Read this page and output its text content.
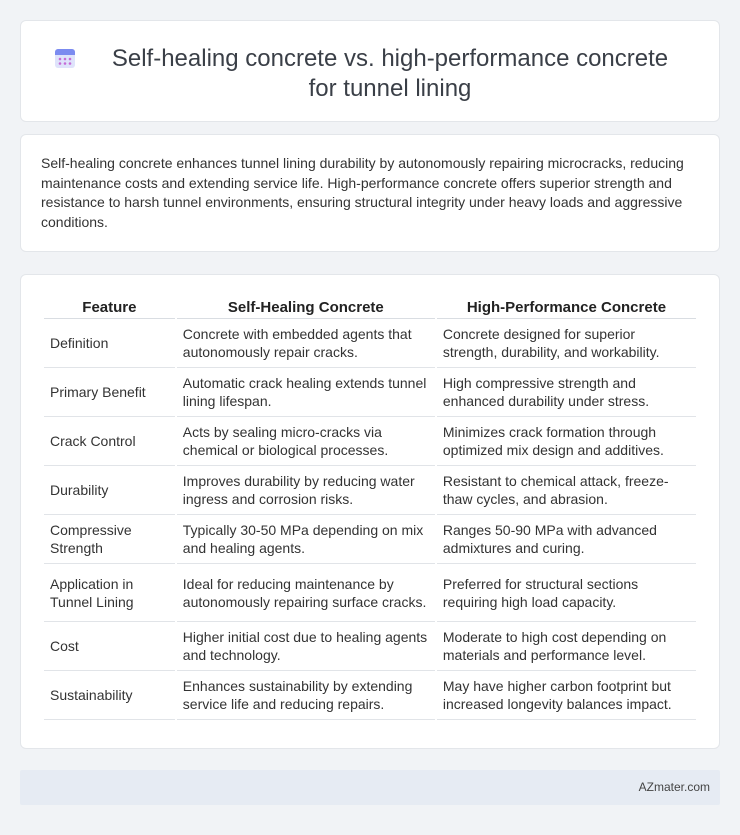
Self-healing concrete vs. high-performance concrete for tunnel lining

Self-healing concrete enhances tunnel lining durability by autonomously repairing microcracks, reducing maintenance costs and extending service life. High-performance concrete offers superior strength and resistance to harsh tunnel environments, ensuring structural integrity under heavy loads and aggressive conditions.

Feature	Self-Healing Concrete	High-Performance Concrete
Definition	Concrete with embedded agents that autonomously repair cracks.	Concrete designed for superior strength, durability, and workability.
Primary Benefit	Automatic crack healing extends tunnel lining lifespan.	High compressive strength and enhanced durability under stress.
Crack Control	Acts by sealing micro-cracks via chemical or biological processes.	Minimizes crack formation through optimized mix design and additives.
Durability	Improves durability by reducing water ingress and corrosion risks.	Resistant to chemical attack, freeze-thaw cycles, and abrasion.
Compressive Strength	Typically 30-50 MPa depending on mix and healing agents.	Ranges 50-90 MPa with advanced admixtures and curing.
Application in Tunnel Lining	Ideal for reducing maintenance by autonomously repairing surface cracks.	Preferred for structural sections requiring high load capacity.
Cost	Higher initial cost due to healing agents and technology.	Moderate to high cost depending on materials and performance level.
Sustainability	Enhances sustainability by extending service life and reducing repairs.	May have higher carbon footprint but increased longevity balances impact.
AZmater.com
